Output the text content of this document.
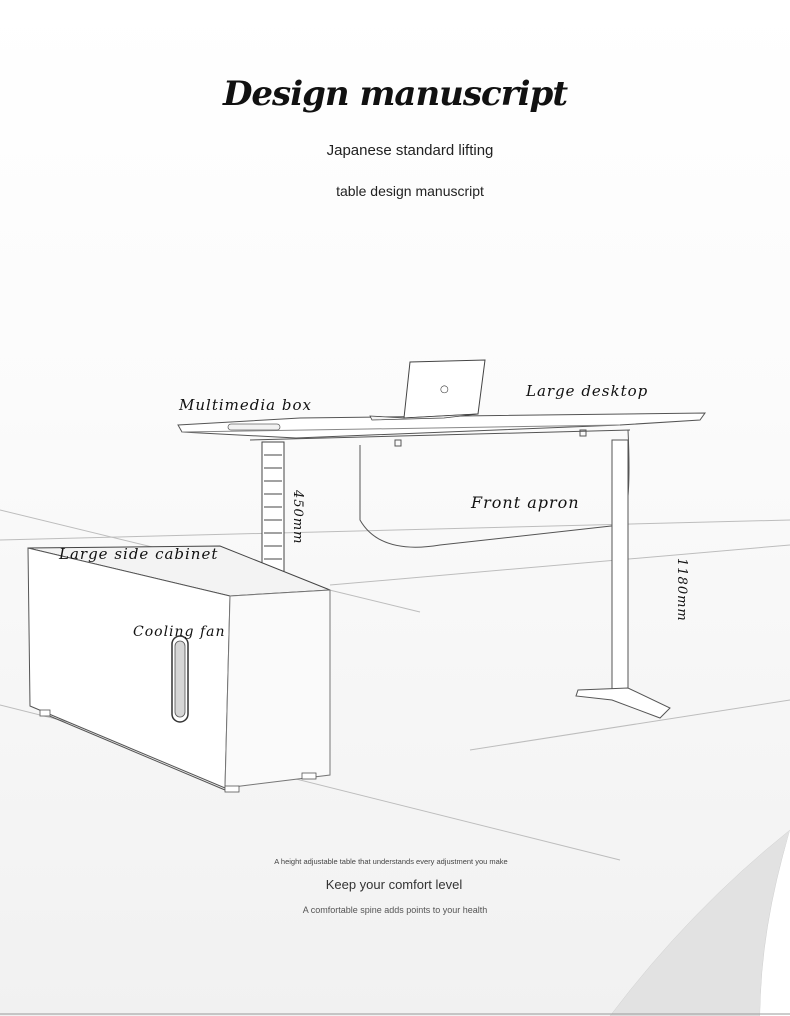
Design manuscript
Japanese standard lifting
table design manuscript
○
Multimedia box
Large desktop
Front apron
450mm
1180mm
Large side cabinet
Cooling fan
A height adjustable table that understands every adjustment you make
Keep your comfort level
A comfortable spine adds points to your health
